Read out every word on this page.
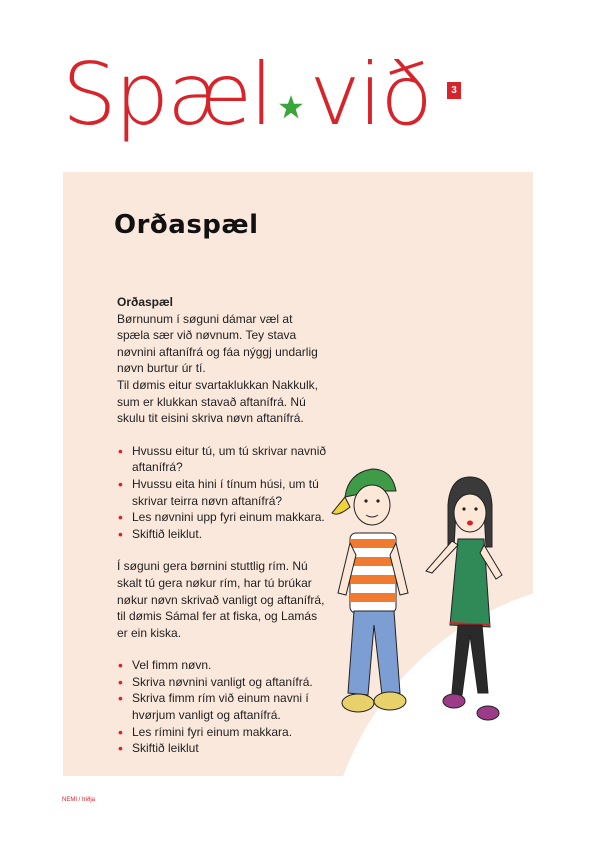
Spæl við	3
Orðaspæl

Orðaspæl

Børnunum í søguni dámar væl at spæla sær við nøvnum. Tey stava nøvnini aftanífrá og fáa nýggj undarlig nøvn burtur úr tí.

Til dømis eitur svartaklukkan Nakkulk, sum er klukkan stavað aftanífrá. Nú skulu tit eisini skriva nøvn aftanífrá.

• Hvussu eitur tú, um tú skrivar navnið aftanífrá?
• Hvussu eita hini í tínum húsi, um tú skrivar teirra nøvn aftanífrá?
• Les nøvnini upp fyri einum makkara.
• Skiftið leiklut.

Í søguni gera børnini stuttlig rím. Nú skalt tú gera nøkur rím, har tú brúkar nøkur nøvn skrivað vanligt og aftanífrá, til dømis Sámal fer at fiska, og Lamás er ein kiska.

• Vel fimm nøvn.
• Skriva nøvnini vanligt og aftanífrá.
• Skriva fimm rím við einum navni í hvørjum vanligt og aftanífrá.
• Les rímini fyri einum makkara.
• Skiftið leiklut
NEMI / triðja
